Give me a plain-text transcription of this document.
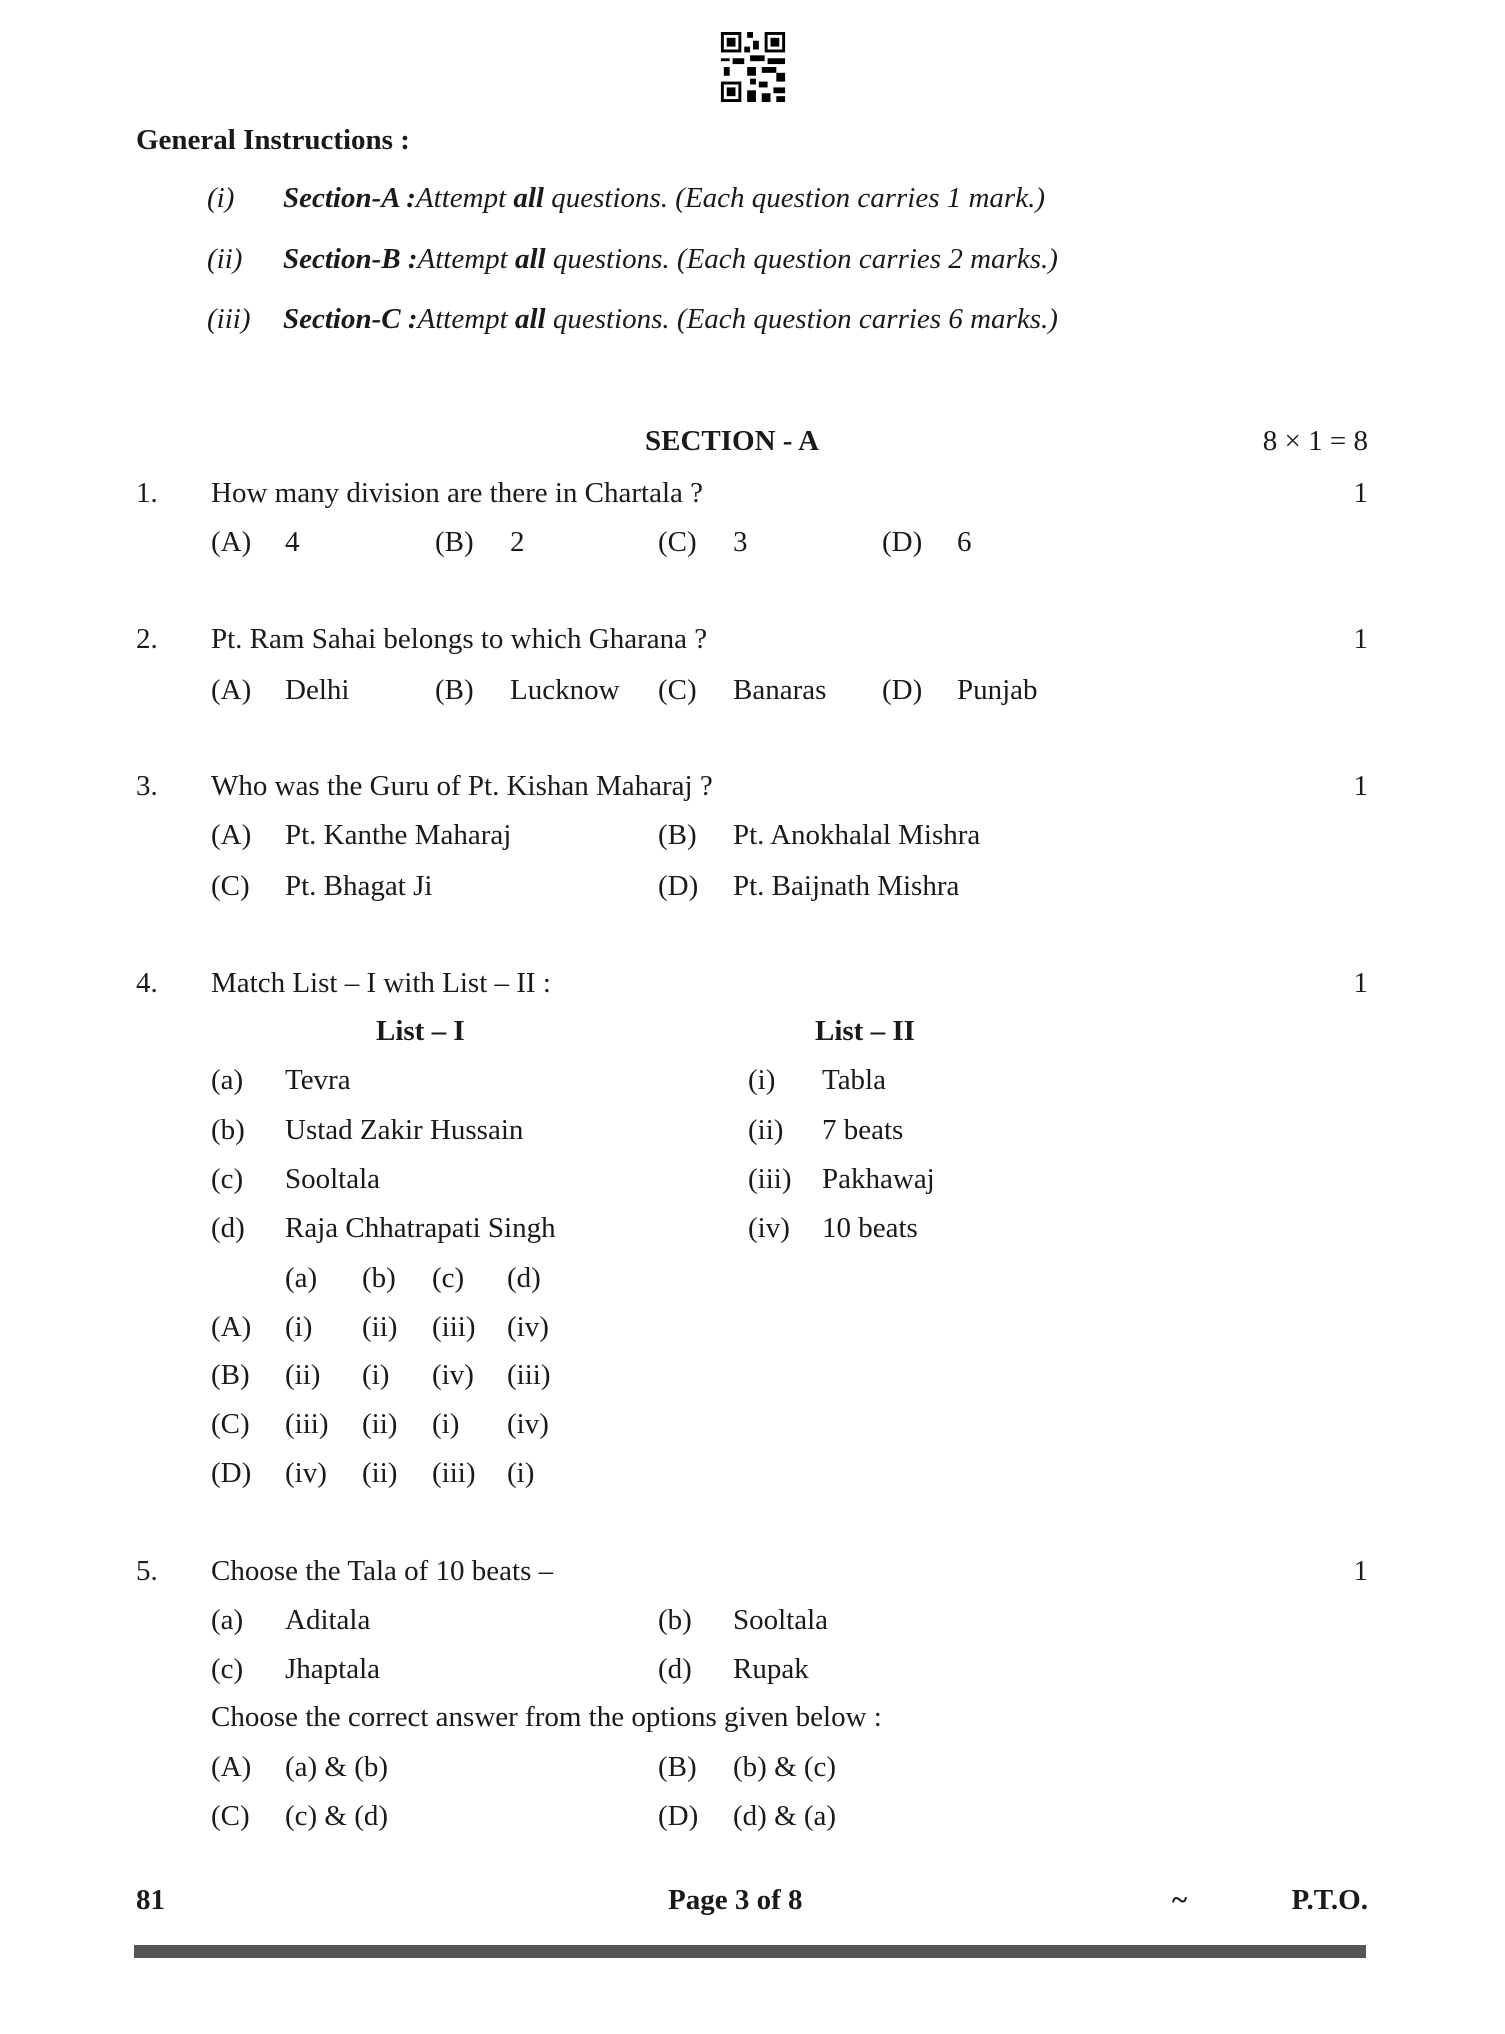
General Instructions :
(i) Section-A :Attempt all questions. (Each question carries 1 mark.)
(ii) Section-B :Attempt all questions. (Each question carries 2 marks.)
(iii) Section-C :Attempt all questions. (Each question carries 6 marks.)
SECTION - A	8 × 1 = 8
1. How many division are there in Chartala ?	1
(A) 4	(B) 2	(C) 3	(D) 6
2. Pt. Ram Sahai belongs to which Gharana ?	1
(A) Delhi	(B) Lucknow (C) Banaras (D) Punjab
3. Who was the Guru of Pt. Kishan Maharaj ?	1
(A) Pt. Kanthe Maharaj	(B) Pt. Anokhalal Mishra
(C) Pt. Bhagat Ji	(D) Pt. Baijnath Mishra
4. Match List – I with List – II :	1
List – I	List – II
(a) Tevra	(i) Tabla
(b) Ustad Zakir Hussain	(ii) 7 beats
(c) Sooltala	(iii) Pakhawaj
(d) Raja Chhatrapati Singh	(iv) 10 beats
(a) (b) (c) (d)
(A) (i) (ii) (iii) (iv)
(B) (ii) (i) (iv) (iii)
(C) (iii) (ii) (i) (iv)
(D) (iv) (ii) (iii) (i)
5. Choose the Tala of 10 beats –	1
(a) Aditala	(b) Sooltala
(c) Jhaptala	(d) Rupak
Choose the correct answer from the options given below :
(A) (a) & (b)	(B) (b) & (c)
(C) (c) & (d)	(D) (d) & (a)
81	Page 3 of 8	~	P.T.O.
